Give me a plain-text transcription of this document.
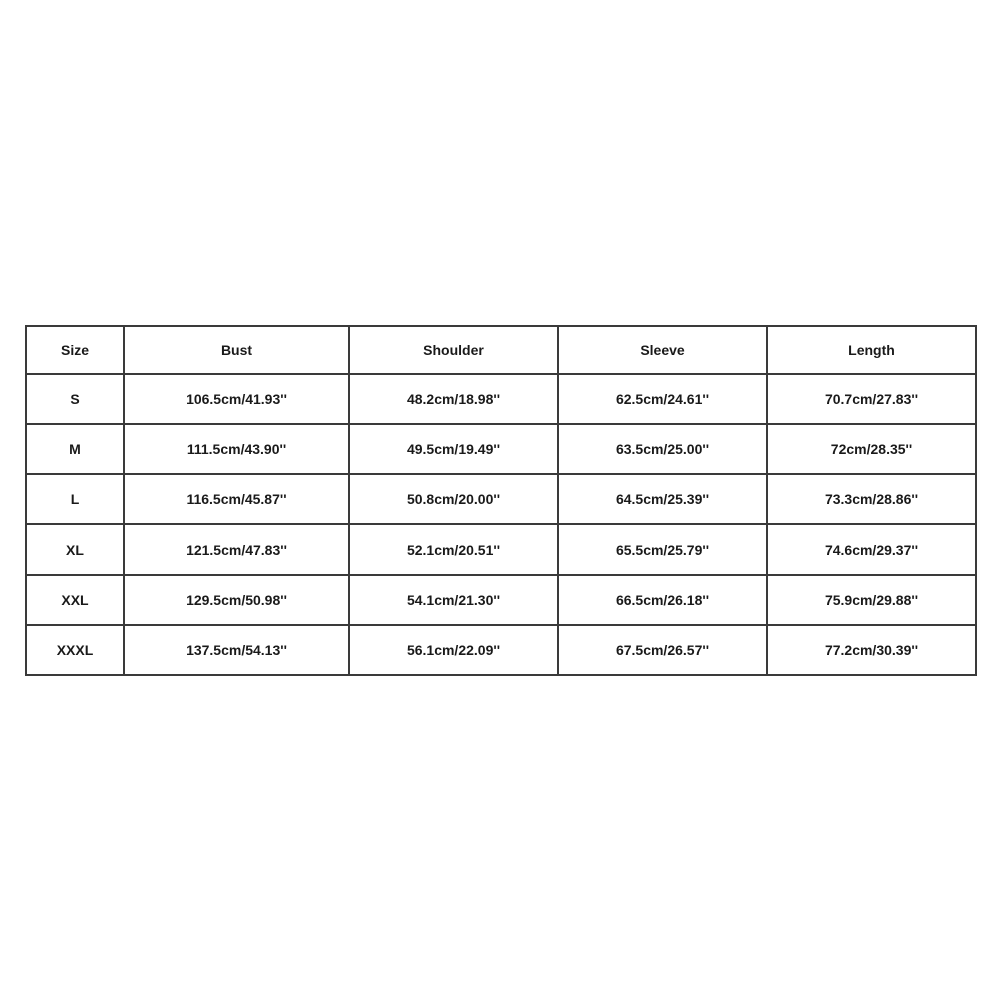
Size	Bust	Shoulder	Sleeve	Length
S	106.5cm/41.93''	48.2cm/18.98''	62.5cm/24.61''	70.7cm/27.83''
M	111.5cm/43.90''	49.5cm/19.49''	63.5cm/25.00''	72cm/28.35''
L	116.5cm/45.87''	50.8cm/20.00''	64.5cm/25.39''	73.3cm/28.86''
XL	121.5cm/47.83''	52.1cm/20.51''	65.5cm/25.79''	74.6cm/29.37''
XXL	129.5cm/50.98''	54.1cm/21.30''	66.5cm/26.18''	75.9cm/29.88''
XXXL	137.5cm/54.13''	56.1cm/22.09''	67.5cm/26.57''	77.2cm/30.39''
